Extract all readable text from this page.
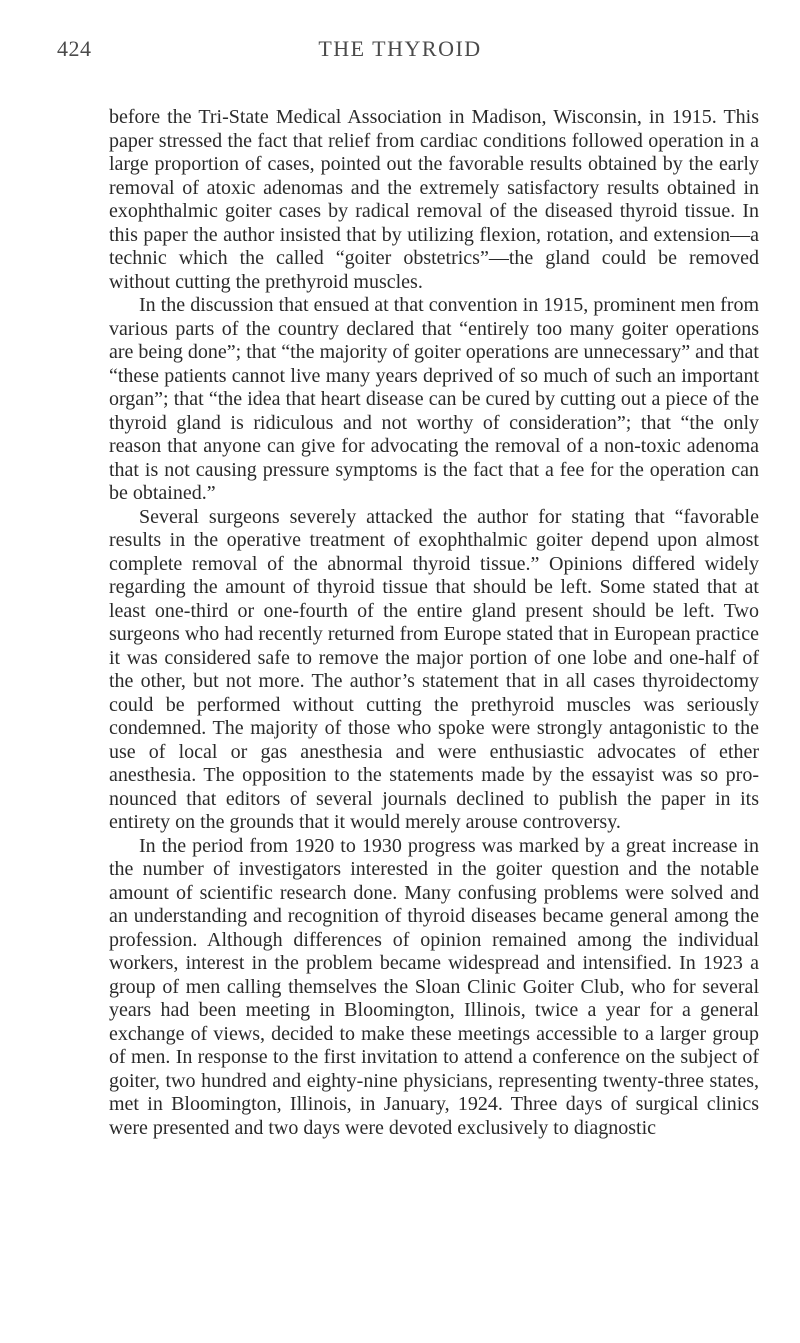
424	THE THYROID

before the Tri-State Medical Association in Madison, Wisconsin, in 1915. This paper stressed the fact that relief from cardiac conditions followed operation in a large proportion of cases, pointed out the favorable results obtained by the early removal of atoxic adenomas and the extremely satisfactory results obtained in exophthalmic goiter cases by radical removal of the diseased thyroid tissue. In this paper the author insisted that by utilizing flexion, rotation, and extension—a technic which the called “goiter obstetrics”—the gland could be removed without cutting the prethyroid muscles.

In the discussion that ensued at that convention in 1915, prominent men from various parts of the country declared that “entirely too many goiter operations are being done”; that “the majority of goiter operations are unnecessary” and that “these patients cannot live many years deprived of so much of such an important organ”; that “the idea that heart disease can be cured by cutting out a piece of the thyroid gland is ridiculous and not worthy of consideration”; that “the only reason that anyone can give for advocating the removal of a non-toxic adenoma that is not causing pressure symptoms is the fact that a fee for the operation can be obtained.”

Several surgeons severely attacked the author for stating that “favorable results in the operative treatment of exophthalmic goiter depend upon almost complete removal of the abnormal thyroid tissue.” Opinions differed widely regarding the amount of thyroid tissue that should be left. Some stated that at least one-third or one-fourth of the entire gland present should be left. Two surgeons who had recently returned from Europe stated that in European practice it was considered safe to remove the major portion of one lobe and one-half of the other, but not more. The author’s statement that in all cases thyroidectomy could be performed without cutting the prethyroid muscles was seriously condemned. The majority of those who spoke were strongly antagonistic to the use of local or gas anesthesia and were enthusiastic advocates of ether anesthesia. The opposition to the statements made by the essayist was so pronounced that editors of several journals declined to publish the paper in its entirety on the grounds that it would merely arouse controversy.

In the period from 1920 to 1930 progress was marked by a great increase in the number of investigators interested in the goiter question and the notable amount of scientific research done. Many confusing problems were solved and an understanding and recognition of thyroid diseases became general among the profession. Although differences of opinion remained among the individual workers, interest in the problem became widespread and intensified. In 1923 a group of men calling themselves the Sloan Clinic Goiter Club, who for several years had been meeting in Bloomington, Illinois, twice a year for a general exchange of views, decided to make these meetings accessible to a larger group of men. In response to the first invitation to attend a conference on the subject of goiter, two hundred and eighty-nine physicians, representing twenty-three states, met in Bloomington, Illinois, in January, 1924. Three days of surgical clinics were presented and two days were devoted exclusively to diagnostic
